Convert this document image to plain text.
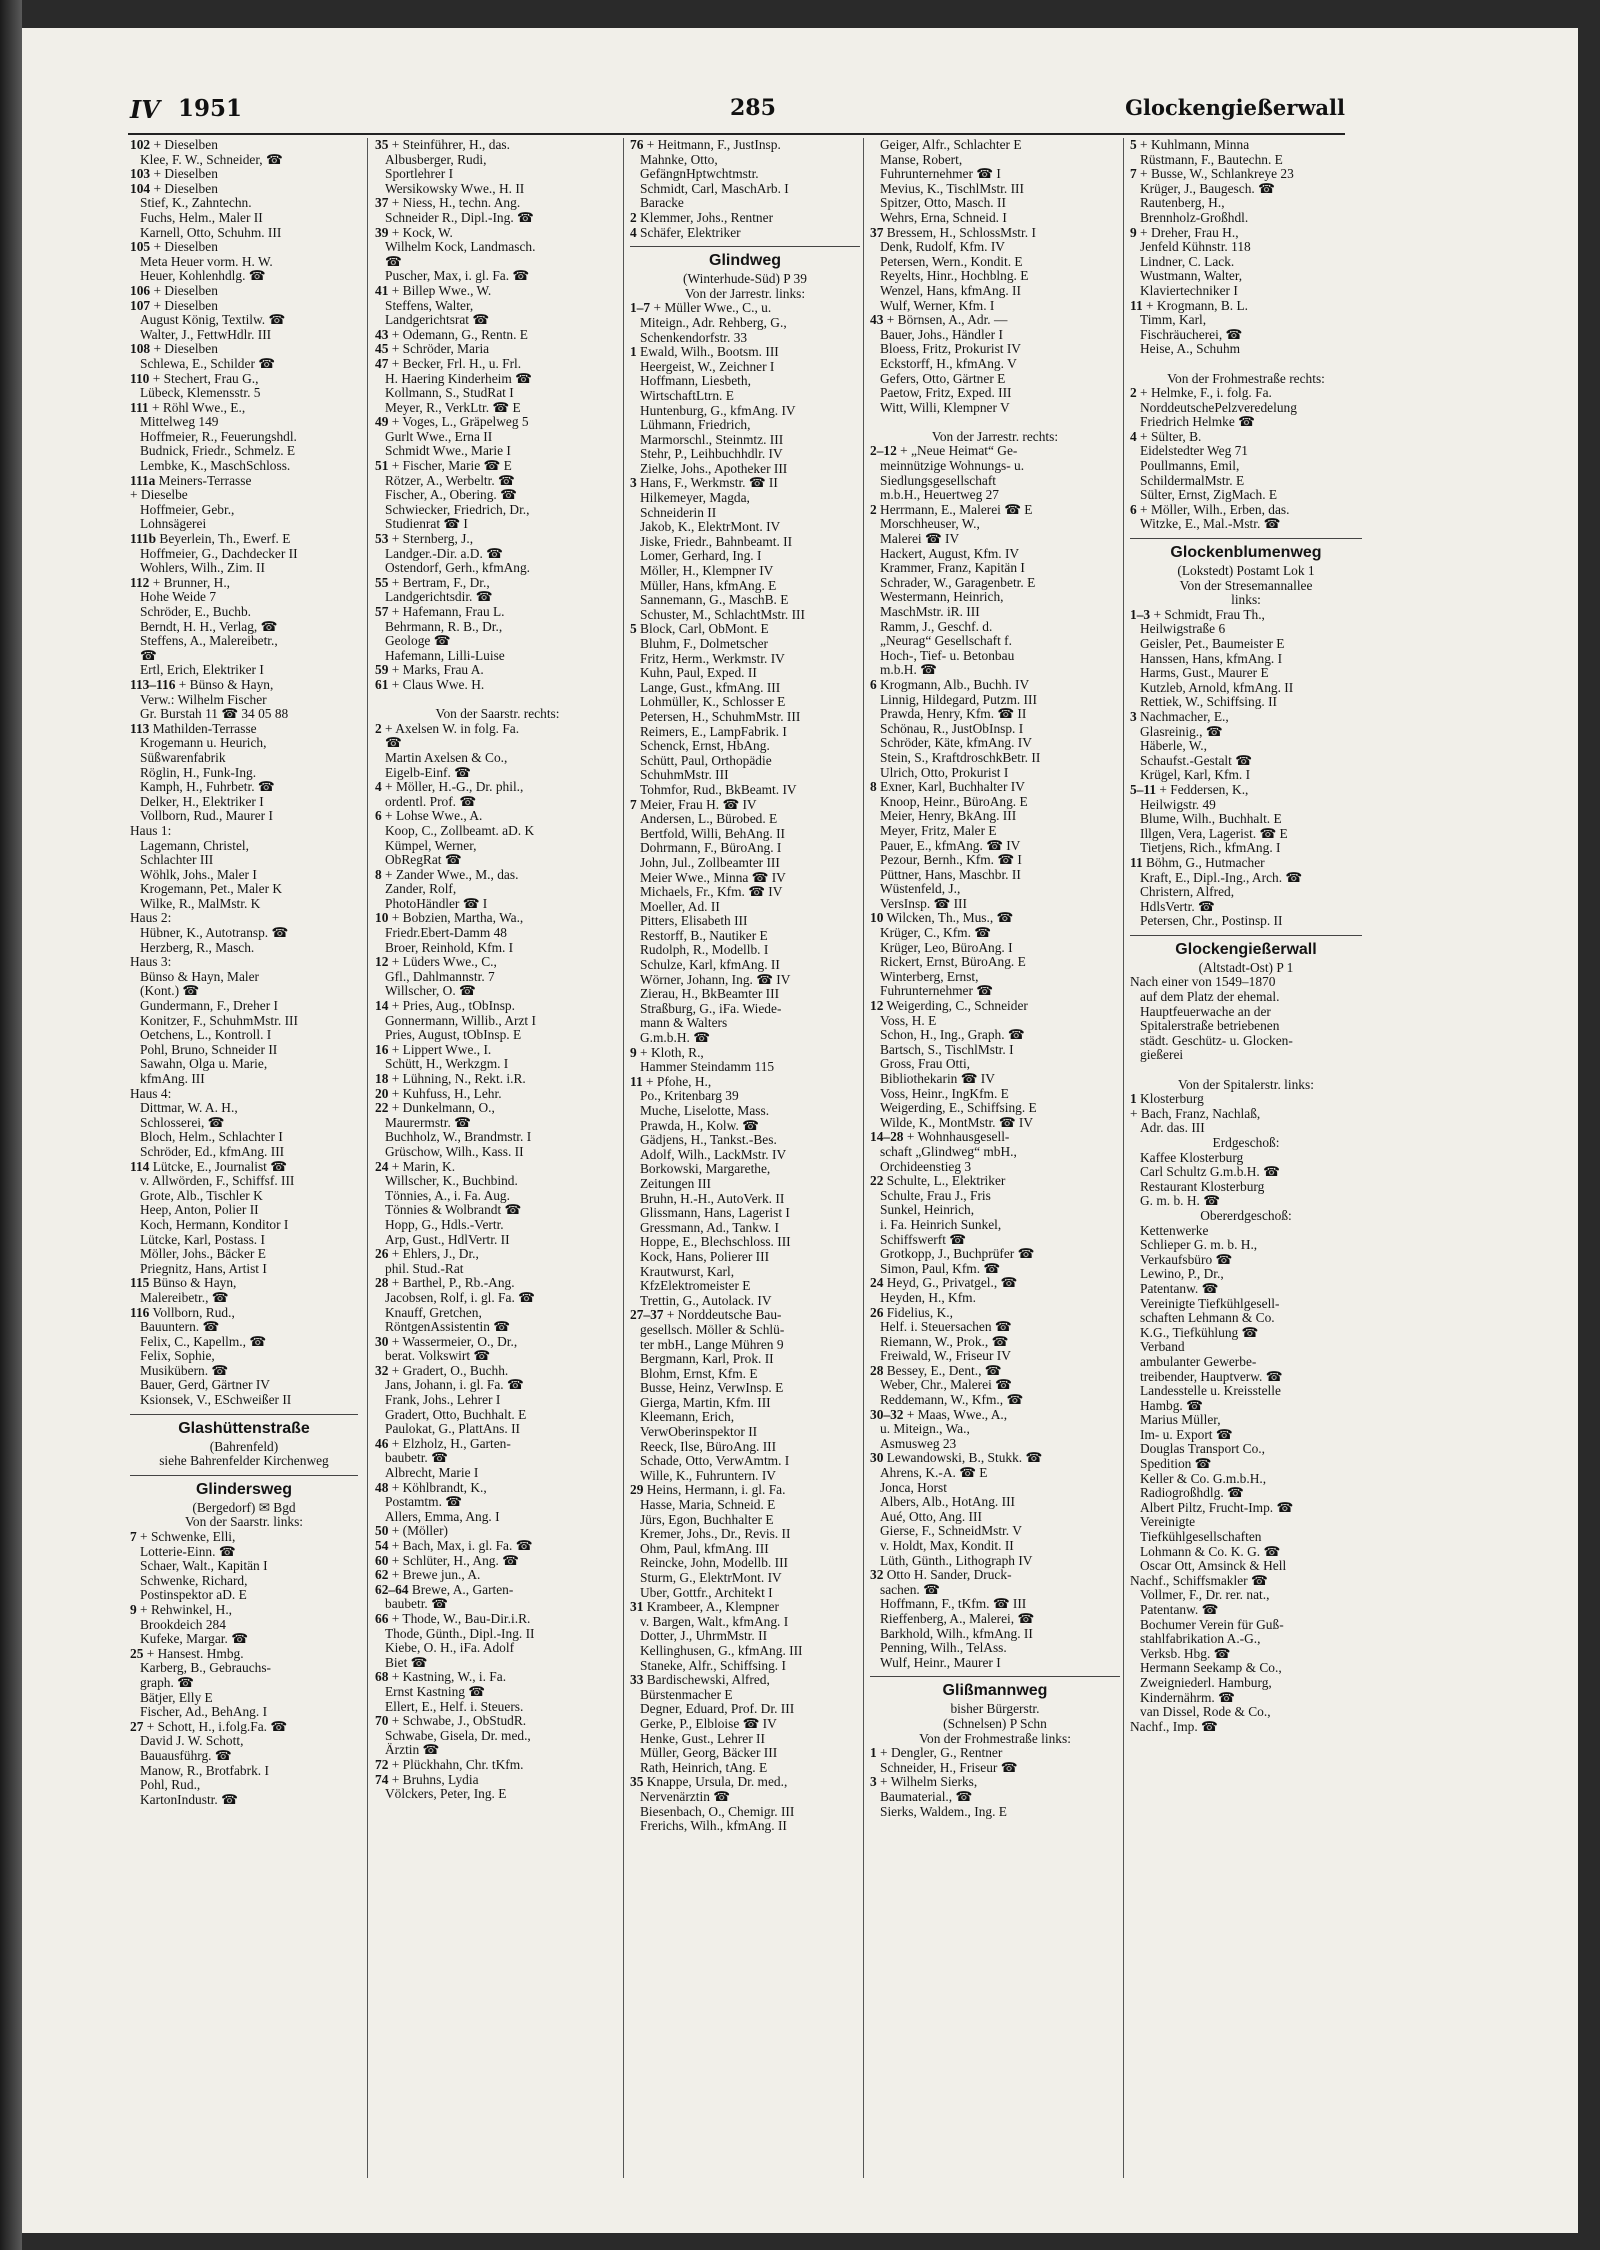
IV 1951	285	Glockengießerwall
102 + Dieselben
Klee, F. W., Schneider, ☎
103 + Dieselben
104 + Dieselben
Stief, K., Zahntechn.
Fuchs, Helm., Maler II
Karnell, Otto, Schuhm. III
105 + Dieselben
Meta Heuer vorm. H. W.
Heuer, Kohlenhdlg. ☎
106 + Dieselben
107 + Dieselben
August König, Textilw. ☎
Walter, J., FettwHdlr. III
108 + Dieselben
Schlewa, E., Schilder ☎
110 + Stechert, Frau G.,
Lübeck, Klemensstr. 5
111 + Röhl Wwe., E.,
Mittelweg 149
Hoffmeier, R., Feuerungshdl.
Budnick, Friedr., Schmelz. E
Lembke, K., MaschSchloss.
111a Meiners-Terrasse
+ Dieselbe
Hoffmeier, Gebr.,
Lohnsägerei
111b Beyerlein, Th., Ewerf. E
Hoffmeier, G., Dachdecker II
Wohlers, Wilh., Zim. II
112 + Brunner, H.,
Hohe Weide 7
Schröder, E., Buchb.
Berndt, H. H., Verlag, ☎
Steffens, A., Malereibetr.,
☎
Ertl, Erich, Elektriker I
113–116 + Bünso & Hayn,
Verw.: Wilhelm Fischer
Gr. Burstah 11 ☎ 34 05 88
113 Mathilden-Terrasse
Krogemann u. Heurich,
Süßwarenfabrik
Röglin, H., Funk-Ing.
Kamph, H., Fuhrbetr. ☎
Delker, H., Elektriker I
Vollborn, Rud., Maurer I
Haus 1:
Lagemann, Christel,
Schlachter III
Wöhlk, Johs., Maler I
Krogemann, Pet., Maler K
Wilke, R., MalMstr. K
Haus 2:
Hübner, K., Autotransp. ☎
Herzberg, R., Masch.
Haus 3:
Bünso & Hayn, Maler
(Kont.) ☎
Gundermann, F., Dreher I
Konitzer, F., SchuhmMstr. III
Oetchens, L., Kontroll. I
Pohl, Bruno, Schneider II
Sawahn, Olga u. Marie,
kfmAng. III
Haus 4:
Dittmar, W. A. H.,
Schlosserei, ☎
Bloch, Helm., Schlachter I
Schröder, Ed., kfmAng. III
114 Lütcke, E., Journalist ☎
v. Allwörden, F., Schiffsf. III
Grote, Alb., Tischler K
Heep, Anton, Polier II
Koch, Hermann, Konditor I
Lütcke, Karl, Postass. I
Möller, Johs., Bäcker E
Priegnitz, Hans, Artist I
115 Bünso & Hayn,
Malereibetr., ☎
116 Vollborn, Rud.,
Bauuntern. ☎
Felix, C., Kapellm., ☎
Felix, Sophie,
Musikübern. ☎
Bauer, Gerd, Gärtner IV
Ksionsek, V., ESchweißer II
Glashüttenstraße
(Bahrenfeld)
siehe Bahrenfelder Kirchenweg
Glindersweg
(Bergedorf) ✉ Bgd
Von der Saarstr. links:
7 + Schwenke, Elli,
Lotterie-Einn. ☎
Schaer, Walt., Kapitän I
Schwenke, Richard,
Postinspektor aD. E
9 + Rehwinkel, H.,
Brookdeich 284
Kufeke, Margar. ☎
25 + Hansest. Hmbg.
Karberg, B., Gebrauchs-
graph. ☎
Bätjer, Elly E
Fischer, Ad., BehAng. I
27 + Schott, H., i.folg.Fa. ☎
David J. W. Schott,
Bauausführg. ☎
Manow, R., Brotfabrk. I
Pohl, Rud.,
KartonIndustr. ☎
35 + Steinführer, H., das.
Albusberger, Rudi,
Sportlehrer I
Wersikowsky Wwe., H. II
37 + Niess, H., techn. Ang.
Schneider R., Dipl.-Ing. ☎
39 + Kock, W.
Wilhelm Kock, Landmasch.
☎
Puscher, Max, i. gl. Fa. ☎
41 + Billep Wwe., W.
Steffens, Walter,
Landgerichtsrat ☎
43 + Odemann, G., Rentn. E
45 + Schröder, Maria
47 + Becker, Frl. H., u. Frl.
H. Haering Kinderheim ☎
Kollmann, S., StudRat I
Meyer, R., VerkLtr. ☎ E
49 + Voges, L., Gräpelweg 5
Gurlt Wwe., Erna II
Schmidt Wwe., Marie I
51 + Fischer, Marie ☎ E
Rötzer, A., Werbeltr. ☎
Fischer, A., Obering. ☎
Schwiecker, Friedrich, Dr.,
Studienrat ☎ I
53 + Sternberg, J.,
Landger.-Dir. a.D. ☎
Ostendorf, Gerh., kfmAng.
55 + Bertram, F., Dr.,
Landgerichtsdir. ☎
57 + Hafemann, Frau L.
Behrmann, R. B., Dr.,
Geologe ☎
Hafemann, Lilli-Luise
59 + Marks, Frau A.
61 + Claus Wwe. H.

Von der Saarstr. rechts:
2 + Axelsen W. in folg. Fa.
☎
Martin Axelsen & Co.,
Eigelb-Einf. ☎
4 + Möller, H.-G., Dr. phil.,
ordentl. Prof. ☎
6 + Lohse Wwe., A.
Koop, C., Zollbeamt. aD. K
Kümpel, Werner,
ObRegRat ☎
8 + Zander Wwe., M., das.
Zander, Rolf,
PhotoHändler ☎ I
10 + Bobzien, Martha, Wa.,
Friedr.Ebert-Damm 48
Broer, Reinhold, Kfm. I
12 + Lüders Wwe., C.,
Gfl., Dahlmannstr. 7
Willscher, O. ☎
14 + Pries, Aug., tObInsp.
Gonnermann, Willib., Arzt I
Pries, August, tObInsp. E
16 + Lippert Wwe., I.
Schütt, H., Werkzgm. I
18 + Lühning, N., Rekt. i.R.
20 + Kuhfuss, H., Lehr.
22 + Dunkelmann, O.,
Maurermstr. ☎
Buchholz, W., Brandmstr. I
Grüschow, Wilh., Kass. II
24 + Marin, K.
Willscher, K., Buchbind.
Tönnies, A., i. Fa. Aug.
Tönnies & Wolbrandt ☎
Hopp, G., Hdls.-Vertr.
Arp, Gust., HdlVertr. II
26 + Ehlers, J., Dr.,
phil. Stud.-Rat
28 + Barthel, P., Rb.-Ang.
Jacobsen, Rolf, i. gl. Fa. ☎
Knauff, Gretchen,
RöntgenAssistentin ☎
30 + Wassermeier, O., Dr.,
berat. Volkswirt ☎
32 + Gradert, O., Buchh.
Jans, Johann, i. gl. Fa. ☎
Frank, Johs., Lehrer I
Gradert, Otto, Buchhalt. E
Paulokat, G., PlattAns. II
46 + Elzholz, H., Garten-
baubetr. ☎
Albrecht, Marie I
48 + Köhlbrandt, K.,
Postamtm. ☎
Allers, Emma, Ang. I
50 + (Möller)
54 + Bach, Max, i. gl. Fa. ☎
60 + Schlüter, H., Ang. ☎
62 + Brewe jun., A.
62–64 Brewe, A., Garten-
baubetr. ☎
66 + Thode, W., Bau-Dir.i.R.
Thode, Günth., Dipl.-Ing. II
Kiebe, O. H., iFa. Adolf
Biet ☎
68 + Kastning, W., i. Fa.
Ernst Kastning ☎
Ellert, E., Helf. i. Steuers.
70 + Schwabe, J., ObStudR.
Schwabe, Gisela, Dr. med.,
Ärztin ☎
72 + Plückhahn, Chr. tKfm.
74 + Bruhns, Lydia
Völckers, Peter, Ing. E
76 + Heitmann, F., JustInsp.
Mahnke, Otto,
GefängnHptwchtmstr.
Schmidt, Carl, MaschArb. I
Baracke
2 Klemmer, Johs., Rentner
4 Schäfer, Elektriker
Glindweg
(Winterhude-Süd) P 39
Von der Jarrestr. links:
1–7 + Müller Wwe., C., u.
Miteign., Adr. Rehberg, G.,
Schenkendorfstr. 33
1 Ewald, Wilh., Bootsm. III
Heergeist, W., Zeichner I
Hoffmann, Liesbeth,
WirtschaftLtrn. E
Huntenburg, G., kfmAng. IV
Lühmann, Friedrich,
Marmorschl., Steinmtz. III
Stehr, P., Leihbuchhdlr. IV
Zielke, Johs., Apotheker III
3 Hans, F., Werkmstr. ☎ II
Hilkemeyer, Magda,
Schneiderin II
Jakob, K., ElektrMont. IV
Jiske, Friedr., Bahnbeamt. II
Lomer, Gerhard, Ing. I
Möller, H., Klempner IV
Müller, Hans, kfmAng. E
Sannemann, G., MaschB. E
Schuster, M., SchlachtMstr. III
5 Block, Carl, ObMont. E
Bluhm, F., Dolmetscher
Fritz, Herm., Werkmstr. IV
Kuhn, Paul, Exped. II
Lange, Gust., kfmAng. III
Lohmüller, K., Schlosser E
Petersen, H., SchuhmMstr. III
Reimers, E., LampFabrik. I
Schenck, Ernst, HbAng.
Schütt, Paul, Orthopädie
SchuhmMstr. III
Tohmfor, Rud., BkBeamt. IV
7 Meier, Frau H. ☎ IV
Andersen, L., Bürobed. E
Bertfold, Willi, BehAng. II
Dohrmann, F., BüroAng. I
John, Jul., Zollbeamter III
Meier Wwe., Minna ☎ IV
Michaels, Fr., Kfm. ☎ IV
Moeller, Ad. II
Pitters, Elisabeth III
Restorff, B., Nautiker E
Rudolph, R., Modellb. I
Schulze, Karl, kfmAng. II
Wörner, Johann, Ing. ☎ IV
Zierau, H., BkBeamter III
Straßburg, G., iFa. Wiede-
mann & Walters
G.m.b.H. ☎
9 + Kloth, R.,
Hammer Steindamm 115
11 + Pfohe, H.,
Po., Kritenbarg 39
Muche, Liselotte, Mass.
Prawda, H., Kolw. ☎
Gädjens, H., Tankst.-Bes.
Adolf, Wilh., LackMstr. IV
Borkowski, Margarethe,
Zeitungen III
Bruhn, H.-H., AutoVerk. II
Glissmann, Hans, Lagerist I
Gressmann, Ad., Tankw. I
Hoppe, E., Blechschloss. III
Kock, Hans, Polierer III
Krautwurst, Karl,
KfzElektromeister E
Trettin, G., Autolack. IV
27–37 + Norddeutsche Bau-
gesellsch. Möller & Schlü-
ter mbH., Lange Mühren 9
Bergmann, Karl, Prok. II
Blohm, Ernst, Kfm. E
Busse, Heinz, VerwInsp. E
Gierga, Martin, Kfm. III
Kleemann, Erich,
VerwOberinspektor II
Reeck, Ilse, BüroAng. III
Schade, Otto, VerwAmtm. I
Wille, K., Fuhruntern. IV
29 Heins, Hermann, i. gl. Fa.
Hasse, Maria, Schneid. E
Jürs, Egon, Buchhalter E
Kremer, Johs., Dr., Revis. II
Ohm, Paul, kfmAng. III
Reincke, John, Modellb. III
Sturm, G., ElektrMont. IV
Uber, Gottfr., Architekt I
31 Krambeer, A., Klempner
v. Bargen, Walt., kfmAng. I
Dotter, J., UhrmMstr. II
Kellinghusen, G., kfmAng. III
Staneke, Alfr., Schiffsing. I
33 Bardischewski, Alfred,
Bürstenmacher E
Degner, Eduard, Prof. Dr. III
Gerke, P., Elbloise ☎ IV
Henke, Gust., Lehrer II
Müller, Georg, Bäcker III
Rath, Heinrich, tAng. E
35 Knappe, Ursula, Dr. med.,
Nervenärztin ☎
Biesenbach, O., Chemigr. III
Frerichs, Wilh., kfmAng. II
Geiger, Alfr., Schlachter E
Manse, Robert,
Fuhrunternehmer ☎ I
Mevius, K., TischlMstr. III
Spitzer, Otto, Masch. II
Wehrs, Erna, Schneid. I
37 Bressem, H., SchlossMstr. I
Denk, Rudolf, Kfm. IV
Petersen, Wern., Kondit. E
Reyelts, Hinr., Hochblng. E
Wenzel, Hans, kfmAng. II
Wulf, Werner, Kfm. I
43 + Börnsen, A., Adr. —
Bauer, Johs., Händler I
Bloess, Fritz, Prokurist IV
Eckstorff, H., kfmAng. V
Gefers, Otto, Gärtner E
Paetow, Fritz, Exped. III
Witt, Willi, Klempner V

Von der Jarrestr. rechts:
2–12 + „Neue Heimat“ Ge-
meinnützige Wohnungs- u.
Siedlungsgesellschaft
m.b.H., Heuertweg 27
2 Herrmann, E., Malerei ☎ E
Morschheuser, W.,
Malerei ☎ IV
Hackert, August, Kfm. IV
Krammer, Franz, Kapitän I
Schrader, W., Garagenbetr. E
Westermann, Heinrich,
MaschMstr. iR. III
Ramm, J., Geschf. d.
„Neurag“ Gesellschaft f.
Hoch-, Tief- u. Betonbau
m.b.H. ☎
6 Krogmann, Alb., Buchh. IV
Linnig, Hildegard, Putzm. III
Prawda, Henry, Kfm. ☎ II
Schönau, R., JustObInsp. I
Schröder, Käte, kfmAng. IV
Stein, S., KraftdroschkBetr. II
Ulrich, Otto, Prokurist I
8 Exner, Karl, Buchhalter IV
Knoop, Heinr., BüroAng. E
Meier, Henry, BkAng. III
Meyer, Fritz, Maler E
Pauer, E., kfmAng. ☎ IV
Pezour, Bernh., Kfm. ☎ I
Püttner, Hans, Maschbr. II
Wüstenfeld, J.,
VersInsp. ☎ III
10 Wilcken, Th., Mus., ☎
Krüger, C., Kfm. ☎
Krüger, Leo, BüroAng. I
Rickert, Ernst, BüroAng. E
Winterberg, Ernst,
Fuhrunternehmer ☎
12 Weigerding, C., Schneider
Voss, H. E
Schon, H., Ing., Graph. ☎
Bartsch, S., TischlMstr. I
Gross, Frau Otti,
Bibliothekarin ☎ IV
Voss, Heinr., IngKfm. E
Weigerding, E., Schiffsing. E
Wilde, K., MontMstr. ☎ IV
14–28 + Wohnhausgesell-
schaft „Glindweg“ mbH.,
Orchideenstieg 3
22 Schulte, L., Elektriker
Schulte, Frau J., Fris
Sunkel, Heinrich,
i. Fa. Heinrich Sunkel,
Schiffswerft ☎
Grotkopp, J., Buchprüfer ☎
Simon, Paul, Kfm. ☎
24 Heyd, G., Privatgel., ☎
Heyden, H., Kfm.
26 Fidelius, K.,
Helf. i. Steuersachen ☎
Riemann, W., Prok., ☎
Freiwald, W., Friseur IV
28 Bessey, E., Dent., ☎
Weber, Chr., Malerei ☎
Reddemann, W., Kfm., ☎
30–32 + Maas, Wwe., A.,
u. Miteign., Wa.,
Asmusweg 23
30 Lewandowski, B., Stukk. ☎
Ahrens, K.-A. ☎ E
Jonca, Horst
Albers, Alb., HotAng. III
Aué, Otto, Ang. III
Gierse, F., SchneidMstr. V
v. Holdt, Max, Kondit. II
Lüth, Günth., Lithograph IV
32 Otto H. Sander, Druck-
sachen. ☎
Hoffmann, F., tKfm. ☎ III
Rieffenberg, A., Malerei, ☎
Barkhold, Wilh., kfmAng. II
Penning, Wilh., TelAss.
Wulf, Heinr., Maurer I
Glißmannweg
bisher Bürgerstr.
(Schnelsen) P Schn
Von der Frohmestraße links:
1 + Dengler, G., Rentner
Schneider, H., Friseur ☎
3 + Wilhelm Sierks,
Baumaterial., ☎
Sierks, Waldem., Ing. E
5 + Kuhlmann, Minna
Rüstmann, F., Bautechn. E
7 + Busse, W., Schlankreye 23
Krüger, J., Baugesch. ☎
Rautenberg, H.,
Brennholz-Großhdl.
9 + Dreher, Frau H.,
Jenfeld Kühnstr. 118
Lindner, C. Lack.
Wustmann, Walter,
Klaviertechniker I
11 + Krogmann, B. L.
Timm, Karl,
Fischräucherei, ☎
Heise, A., Schuhm

Von der Frohmestraße rechts:
2 + Helmke, F., i. folg. Fa.
NorddeutschePelzveredelung
Friedrich Helmke ☎
4 + Sülter, B.
Eidelstedter Weg 71
Poullmanns, Emil,
SchildermalMstr. E
Sülter, Ernst, ZigMach. E
6 + Möller, Wilh., Erben, das.
Witzke, E., Mal.-Mstr. ☎
Glockenblumenweg
(Lokstedt) Postamt Lok 1
Von der Stresemannallee
links:
1–3 + Schmidt, Frau Th.,
Heilwigstraße 6
Geisler, Pet., Baumeister E
Hanssen, Hans, kfmAng. I
Harms, Gust., Maurer E
Kutzleb, Arnold, kfmAng. II
Rettiek, W., Schiffsing. II
3 Nachmacher, E.,
Glasreinig., ☎
Häberle, W.,
Schaufst.-Gestalt ☎
Krügel, Karl, Kfm. I
5–11 + Feddersen, K.,
Heilwigstr. 49
Blume, Wilh., Buchhalt. E
Illgen, Vera, Lagerist. ☎ E
Tietjens, Rich., kfmAng. I
11 Böhm, G., Hutmacher
Kraft, E., Dipl.-Ing., Arch. ☎
Christern, Alfred,
HdlsVertr. ☎
Petersen, Chr., Postinsp. II
Glockengießerwall
(Altstadt-Ost) P 1
Nach einer von 1549–1870
auf dem Platz der ehemal.
Hauptfeuerwache an der
Spitalerstraße betriebenen
städt. Geschütz- u. Glocken-
gießerei

Von der Spitalerstr. links:
1 Klosterburg
+ Bach, Franz, Nachlaß,
Adr. das. III
Erdgeschoß:
Kaffee Klosterburg
Carl Schultz G.m.b.H. ☎
Restaurant Klosterburg
G. m. b. H. ☎
Obererdgeschoß:
Kettenwerke
Schlieper G. m. b. H.,
Verkaufsbüro ☎
Lewino, P., Dr.,
Patentanw. ☎
Vereinigte Tiefkühlgesell-
schaften Lehmann & Co.
K.G., Tiefkühlung ☎
Verband
ambulanter Gewerbe-
treibender, Hauptverw. ☎
Landesstelle u. Kreisstelle
Hambg. ☎
Marius Müller,
Im- u. Export ☎
Douglas Transport Co.,
Spedition ☎
Keller & Co. G.m.b.H.,
Radiogroßhdlg. ☎
Albert Piltz, Frucht-Imp. ☎
Vereinigte
Tiefkühlgesellschaften
Lohmann & Co. K. G. ☎
Oscar Ott, Amsinck & Hell
Nachf., Schiffsmakler ☎
Vollmer, F., Dr. rer. nat.,
Patentanw. ☎
Bochumer Verein für Guß-
stahlfabrikation A.-G.,
Verksb. Hbg. ☎
Hermann Seekamp & Co.,
Zweigniederl. Hamburg,
Kindernährm. ☎
van Dissel, Rode & Co.,
Nachf., Imp. ☎
